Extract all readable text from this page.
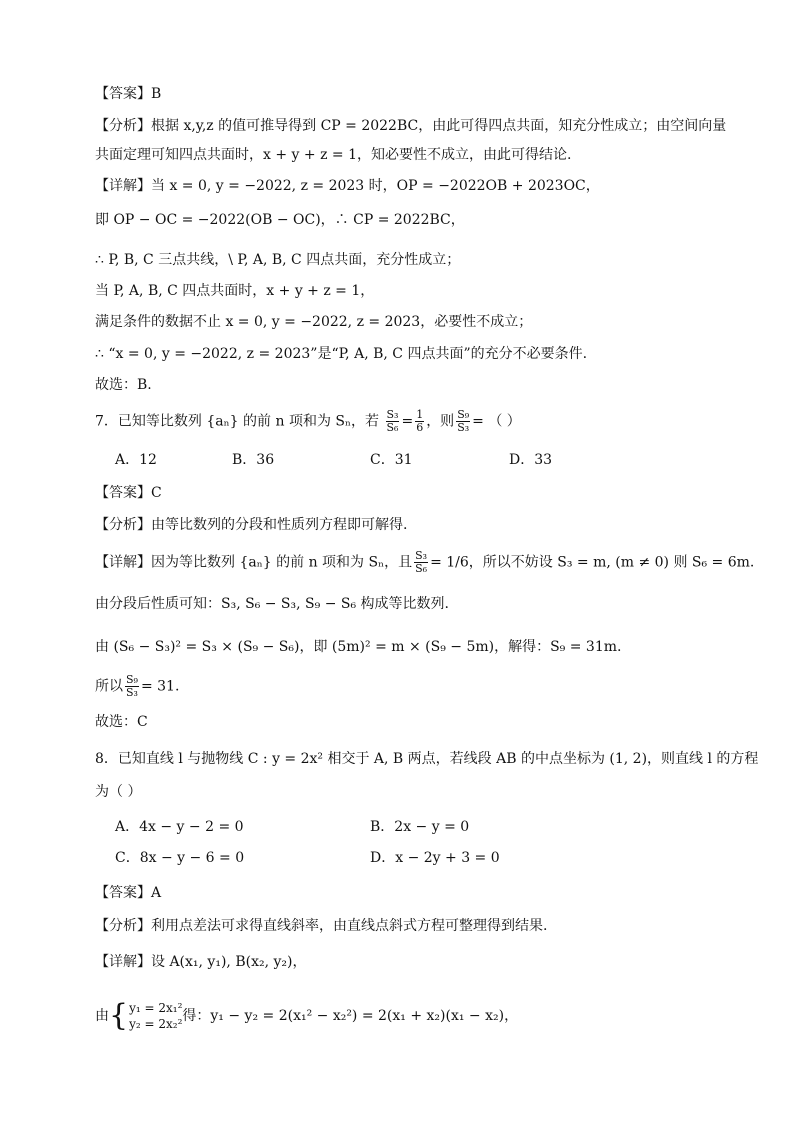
【答案】B
【分析】根据 x,y,z 的值可推导得到 CP = 2022BC，由此可得四点共面，知充分性成立；由空间向量
共面定理可知四点共面时，x + y + z = 1，知必要性不成立，由此可得结论.
【详解】当 x = 0, y = −2022, z = 2023 时，OP = −2022OB + 2023OC，
即 OP − OC = −2022(OB − OC)，∴ CP = 2022BC，
∴ P, B, C 三点共线，\ P, A, B, C 四点共面，充分性成立；
当 P, A, B, C 四点共面时，x + y + z = 1，
满足条件的数据不止 x = 0, y = −2022, z = 2023，必要性不成立；
∴ “x = 0, y = −2022, z = 2023”是“P, A, B, C 四点共面”的充分不必要条件.
故选：B.
7．已知等比数列 {aₙ} 的前 n 项和为 Sₙ，若 $\frac{\text{S₃}}{\text{S₆}} = \frac{1}{6}$ ，则 $\frac{\text{S₉}}{\text{S₃}}$ = （ ）
A．12	B．36	C．31	D．33
【答案】C
【分析】由等比数列的分段和性质列方程即可解得.
【详解】因为等比数列 {aₙ} 的前 n 项和为 Sₙ，且 $\frac{\text{S₃}}{\text{S₆}} = 1/6$，所以不妨设 S₃ = m, (m ≠ 0) 则 S₆ = 6m.
由分段后性质可知：S₃, S₆ − S₃, S₉ − S₆ 构成等比数列.
由 (S₆ − S₃)² = S₃ × (S₉ − S₆)，即 (5m)² = m × (S₉ − 5m)，解得：S₉ = 31m.
所以 $\frac{\text{S₉}}{\text{S₃}} = 31$.
故选：C
8．已知直线 l 与抛物线 C : y = 2x² 相交于 A, B 两点，若线段 AB 的中点坐标为 (1, 2)，则直线 l 的方程
为（ ）
A．4x − y − 2 = 0	B．2x − y = 0
C．8x − y − 6 = 0	D．x − 2y + 3 = 0
【答案】A
【分析】利用点差法可求得直线斜率，由直线点斜式方程可整理得到结果.
【详解】设 A(x₁, y₁), B(x₂, y₂)，
由{ y₁ = 2x₁²
y₂ = 2x₂² 得：y₁ − y₂ = 2(x₁² − x₂²) = 2(x₁ + x₂)(x₁ − x₂)，
